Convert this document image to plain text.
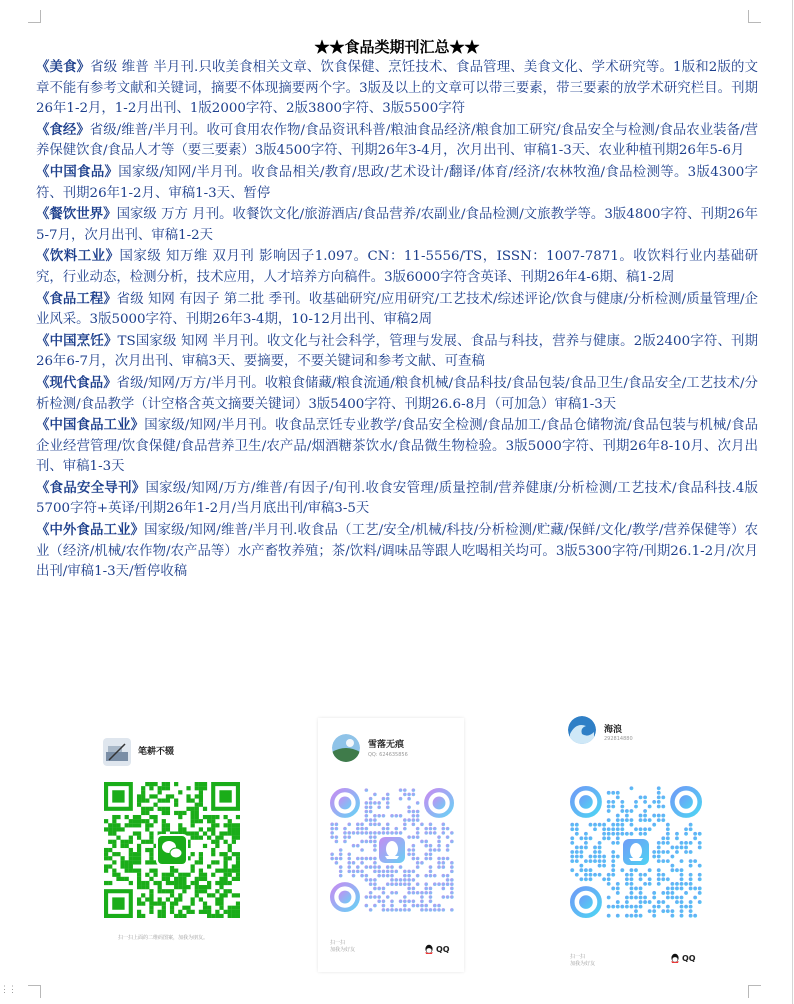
⋮⋮
★★食品类期刊汇总★★

《美食》省级 维普 半月刊.只收美食相关文章、饮食保健、烹饪技术、食品管理、美食文化、学术研究等。1版和2版的文章不能有参考文献和关键词，摘要不体现摘要两个字。3版及以上的文章可以带三要素，带三要素的放学术研究栏目。刊期26年1-2月，1-2月出刊、1版2000字符、2版3800字符、3版5500字符

《食经》省级/维普/半月刊。收可食用农作物/食品资讯科普/粮油食品经济/粮食加工研究/食品安全与检测/食品农业装备/营养保健饮食/食品人才等（要三要素）3版4500字符、刊期26年3-4月，次月出刊、审稿1-3天、农业种植刊期26年5-6月

《中国食品》国家级/知网/半月刊。收食品相关/教育/思政/艺术设计/翻译/体育/经济/农林牧渔/食品检测等。3版4300字符、刊期26年1-2月、审稿1-3天、暂停

《餐饮世界》国家级 万方 月刊。收餐饮文化/旅游酒店/食品营养/农副业/食品检测/文旅教学等。3版4800字符、刊期26年5-7月，次月出刊、审稿1-2天

《饮料工业》国家级 知万维 双月刊 影响因子1.097。CN：11-5556/TS，ISSN：1007-7871。收饮料行业内基础研究，行业动态，检测分析，技术应用，人才培养方向稿件。3版6000字符含英译、刊期26年4-6期、稿1-2周

《食品工程》省级 知网 有因子 第二批 季刊。收基础研究/应用研究/工艺技术/综述评论/饮食与健康/分析检测/质量管理/企业风采。3版5000字符、刊期26年3-4期，10-12月出刊、审稿2周

《中国烹饪》TS国家级 知网 半月刊。收文化与社会科学，管理与发展、食品与科技，营养与健康。2版2400字符、刊期26年6-7月，次月出刊、审稿3天、要摘要，不要关键词和参考文献、可查稿

《现代食品》省级/知网/万方/半月刊。收粮食储藏/粮食流通/粮食机械/食品科技/食品包装/食品卫生/食品安全/工艺技术/分析检测/食品教学（计空格含英文摘要关键词）3版5400字符、刊期26.6-8月（可加急）审稿1-3天

《中国食品工业》国家级/知网/半月刊。收食品烹饪专业教学/食品安全检测/食品加工/食品仓储物流/食品包装与机械/食品企业经营管理/饮食保健/食品营养卫生/农产品/烟酒糖茶饮水/食品微生物检验。3版5000字符、刊期26年8-10月、次月出刊、审稿1-3天

《食品安全导刊》国家级/知网/万方/维普/有因子/旬刊.收食安管理/质量控制/营养健康/分析检测/工艺技术/食品科技.4版5700字符+英译/刊期26年1-2月/当月底出刊/审稿3-5天

《中外食品工业》国家级/知网/维普/半月刊.收食品（工艺/安全/机械/科技/分析检测/贮藏/保鲜/文化/教学/营养保健等）农业（经济/机械/农作物/农产品等）水产畜牧养殖；茶/饮料/调味品等跟人吃喝相关均可。3版5300字符/刊期26.1-2月/次月出刊/审稿1-3天/暂停收稿

笔耕不辍
扫一扫上面的二维码图案，加我为朋友。
雪落无痕
QQ: 624635856
扫一扫
加我为好友	QQ
海浪
292814880
扫一扫
加我为好友
QQ
